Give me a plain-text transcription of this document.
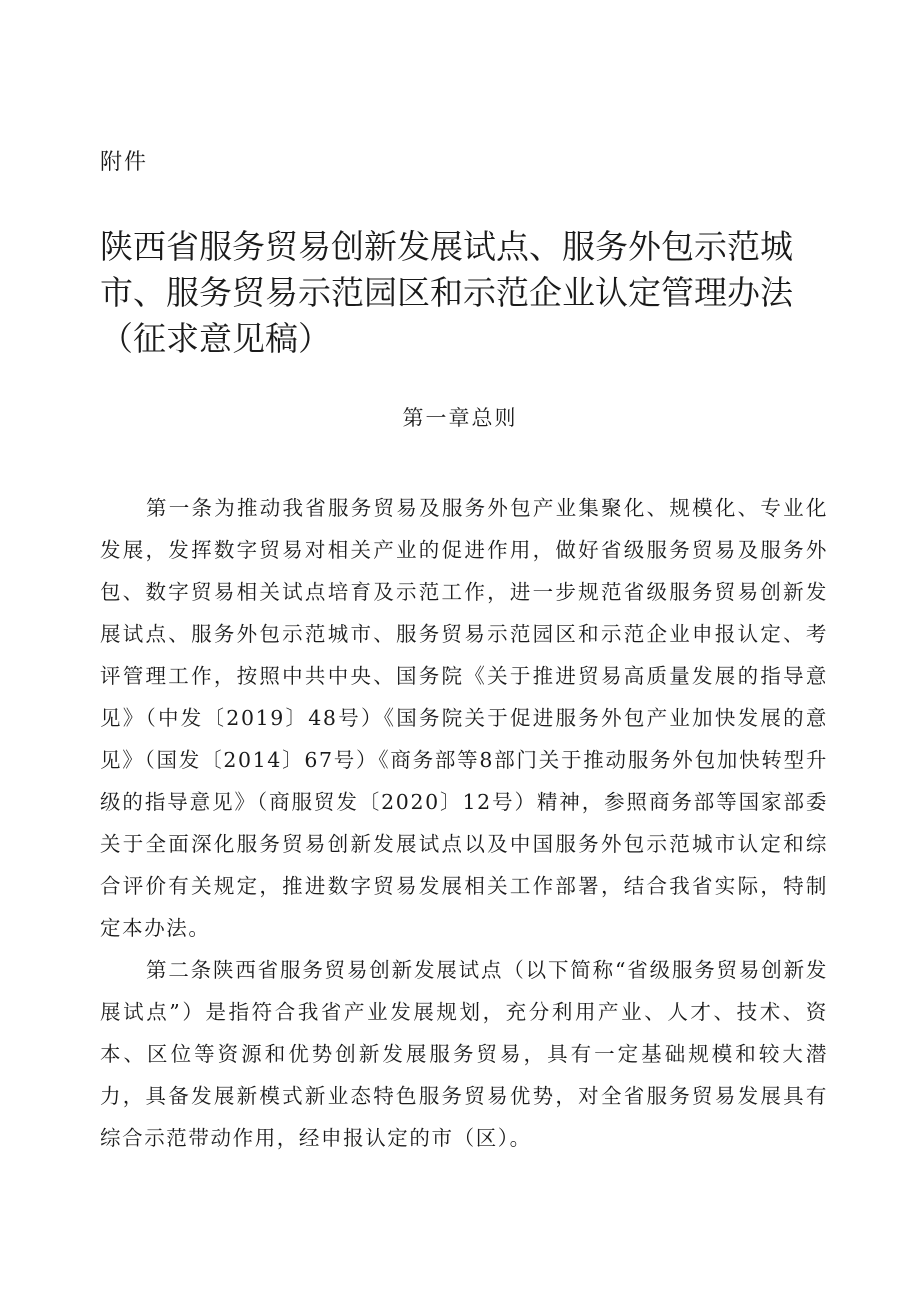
附件
陕西省服务贸易创新发展试点、服务外包示范城市、服务贸易示范园区和示范企业认定管理办法（征求意见稿）
第一章总则

第一条为推动我省服务贸易及服务外包产业集聚化、规模化、专业化发展，发挥数字贸易对相关产业的促进作用，做好省级服务贸易及服务外包、数字贸易相关试点培育及示范工作，进一步规范省级服务贸易创新发展试点、服务外包示范城市、服务贸易示范园区和示范企业申报认定、考评管理工作，按照中共中央、国务院《关于推进贸易高质量发展的指导意见》（中发〔2019〕48号）《国务院关于促进服务外包产业加快发展的意见》（国发〔2014〕67号）《商务部等8部门关于推动服务外包加快转型升级的指导意见》（商服贸发〔2020〕12号）精神，参照商务部等国家部委关于全面深化服务贸易创新发展试点以及中国服务外包示范城市认定和综合评价有关规定，推进数字贸易发展相关工作部署，结合我省实际，特制定本办法。

第二条陕西省服务贸易创新发展试点（以下简称“省级服务贸易创新发展试点”）是指符合我省产业发展规划，充分利用产业、人才、技术、资本、区位等资源和优势创新发展服务贸易，具有一定基础规模和较大潜力，具备发展新模式新业态特色服务贸易优势，对全省服务贸易发展具有综合示范带动作用，经申报认定的市（区）。
